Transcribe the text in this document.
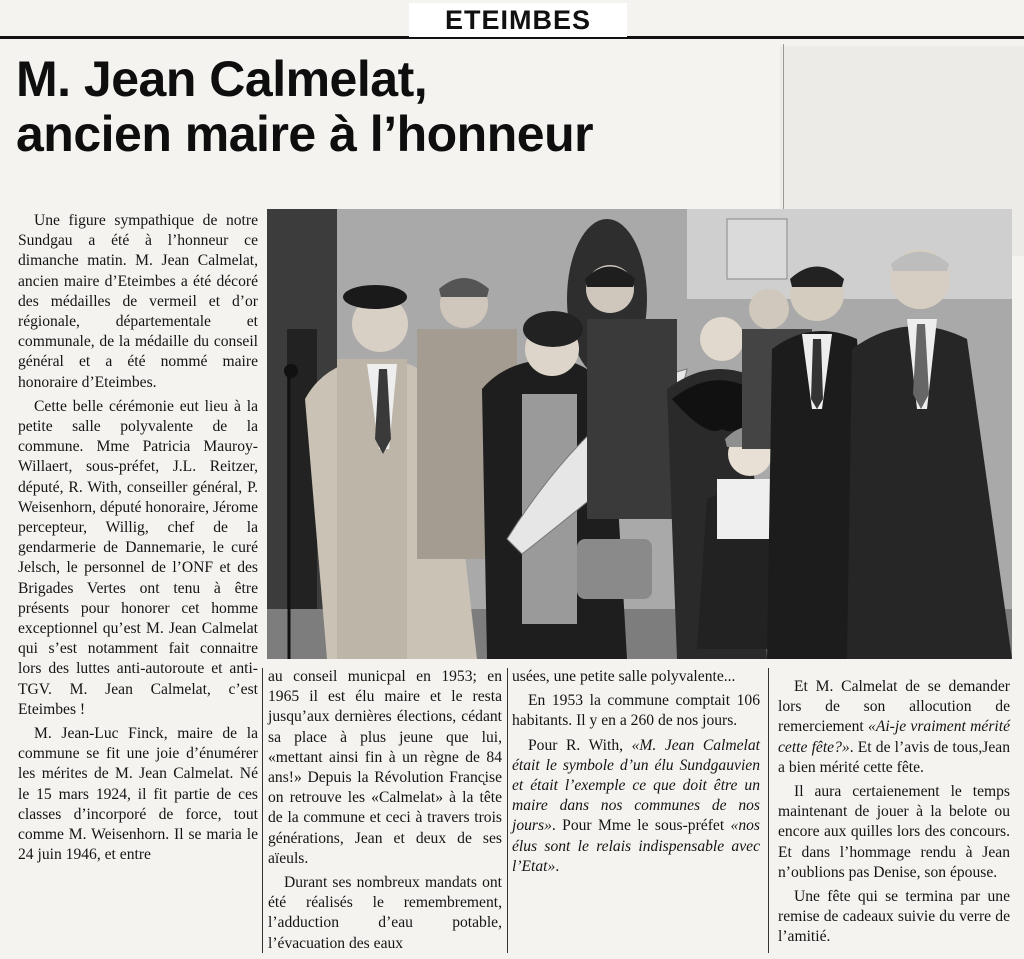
ETEIMBES
M. Jean Calmelat,
ancien maire à l’honneur

Une figure sympathique de notre Sundgau a été à l’honneur ce dimanche matin. M. Jean Calmelat, ancien maire d’Eteimbes a été décoré des médailles de vermeil et d’or régionale, départementale et communale, de la médaille du conseil général et a été nommé maire honoraire d’Eteimbes.

Cette belle cérémonie eut lieu à la petite salle polyvalente de la commune. Mme Patricia Mauroy-Willaert, sous-préfet, J.L. Reitzer, député, R. With, conseiller général, P. Weisenhorn, député honoraire, Jérome percepteur, Willig, chef de la gendarmerie de Dannemarie, le curé Jelsch, le personnel de l’ONF et des Brigades Vertes ont tenu à être présents pour honorer cet homme exceptionnel qu’est M. Jean Calmelat qui s’est notamment fait connaitre lors des luttes anti-autoroute et anti-TGV. M. Jean Calmelat, c’est Eteimbes !

M. Jean-Luc Finck, maire de la commune se fit une joie d’énumérer les mérites de M. Jean Calmelat. Né le 15 mars 1924, il fit partie de ces classes d’incorporé de force, tout comme M. Weisenhorn. Il se maria le 24 juin 1946, et entre

au conseil municpal en 1953; en 1965 il est élu maire et le resta jusqu’aux dernières élections, cédant sa place à plus jeune que lui, «mettant ainsi fin à un règne de 84 ans!» Depuis la Révolution Franc̨ise on retrouve les «Calmelat» à la tête de la commune et ceci à travers trois générations, Jean et deux de ses aïeuls.

Durant ses nombreux mandats ont été réalisés le remembrement, l’adduction d’eau potable, l’évacuation des eaux

usées, une petite salle polyvalente...

En 1953 la commune comptait 106 habitants. Il y en a 260 de nos jours.

Pour R. With, «M. Jean Calmelat était le symbole d’un élu Sundgauvien et était l’exemple ce que doit être un maire dans nos communes de nos jours». Pour Mme le sous-préfet «nos élus sont le relais indispensable avec l’Etat».

Et M. Calmelat de se demander lors de son allocution de remerciement «Ai-je vraiment mérité cette fête?». Et de l’avis de tous,Jean a bien mérité cette fête.

Il aura certaienement le temps maintenant de jouer à la belote ou encore aux quilles lors des concours. Et dans l’hommage rendu à Jean n’oublions pas Denise, son épouse.

Une fête qui se termina par une remise de cadeaux suivie du verre de l’amitié.
